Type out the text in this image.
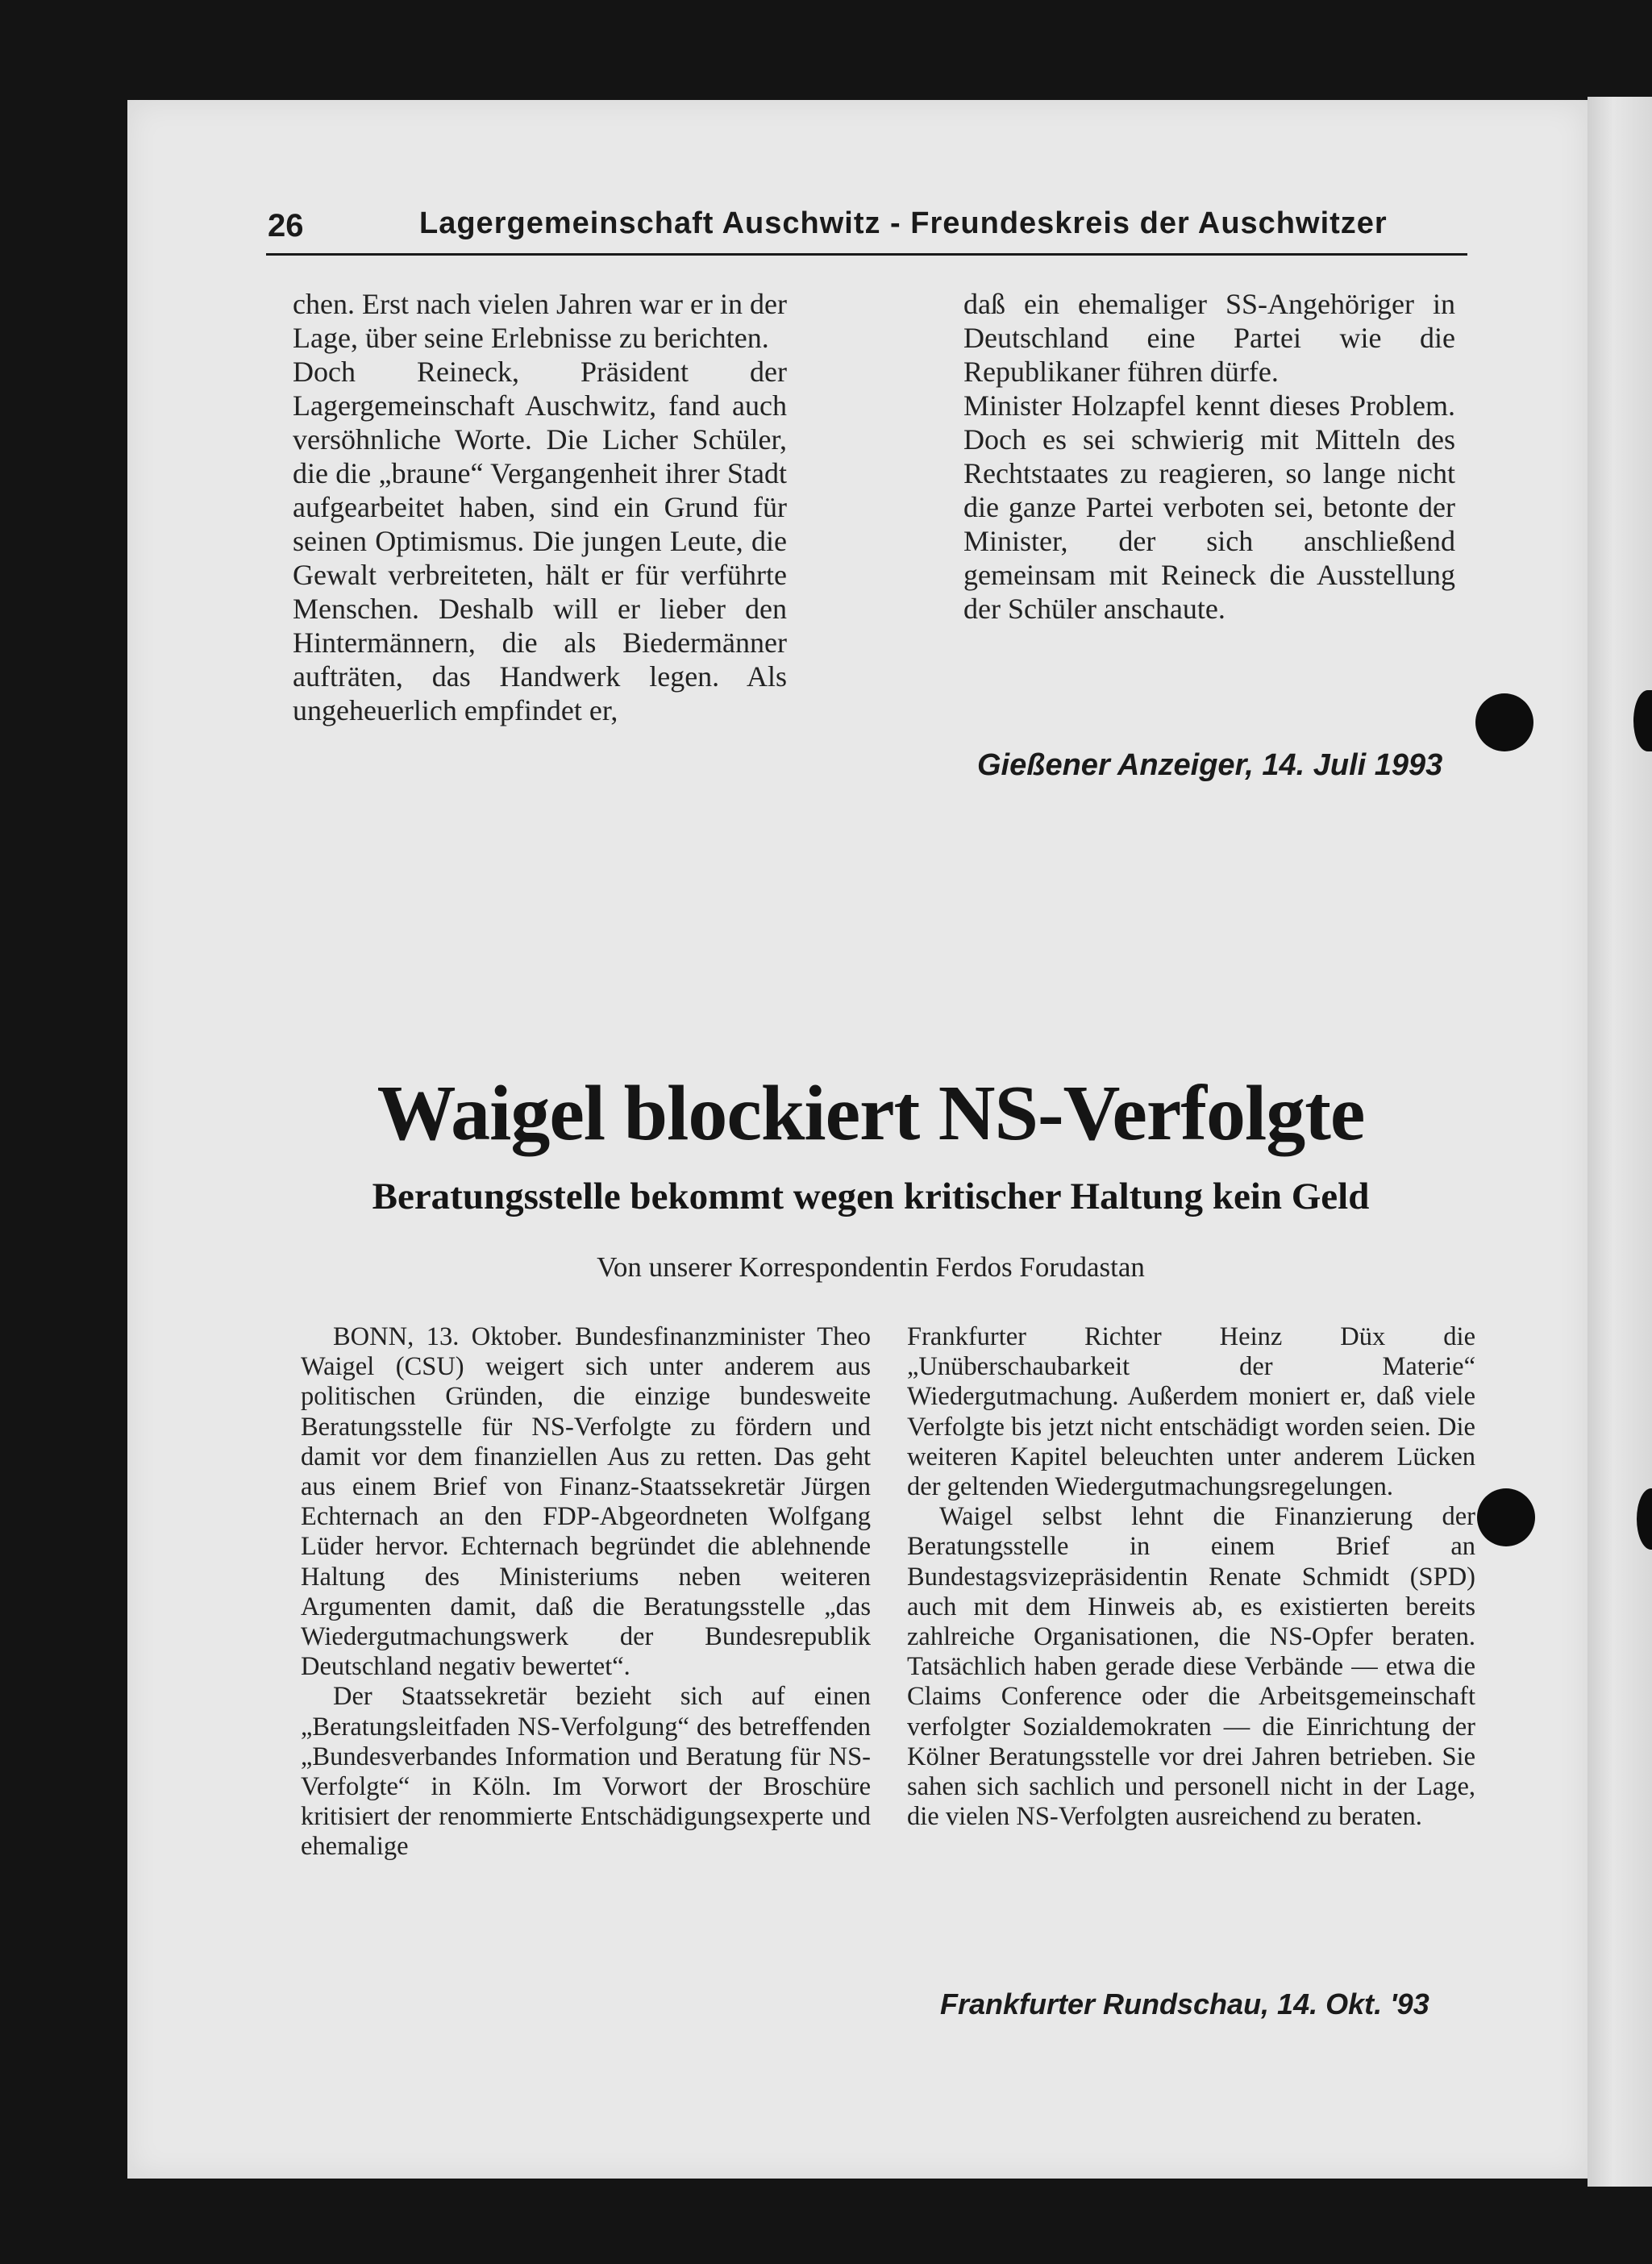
26	Lagergemeinschaft Auschwitz - Freundeskreis der Auschwitzer

chen. Erst nach vielen Jahren war er in der Lage, über seine Erlebnisse zu berichten.

Doch Reineck, Präsident der Lagergemeinschaft Auschwitz, fand auch versöhnliche Worte. Die Licher Schüler, die die „braune“ Vergangenheit ihrer Stadt aufgearbeitet haben, sind ein Grund für seinen Optimismus. Die jungen Leute, die Gewalt verbreiteten, hält er für verführte Menschen. Deshalb will er lieber den Hintermännern, die als Biedermänner aufträten, das Handwerk legen. Als ungeheuerlich empfindet er,

daß ein ehemaliger SS-Angehöriger in Deutschland eine Partei wie die Republikaner führen dürfe.

Minister Holzapfel kennt dieses Problem. Doch es sei schwierig mit Mitteln des Rechtstaates zu reagieren, so lange nicht die ganze Partei verboten sei, betonte der Minister, der sich anschließend gemeinsam mit Reineck die Ausstellung der Schüler anschaute.

Gießener Anzeiger, 14. Juli 1993
Waigel blockiert NS-Verfolgte
Beratungsstelle bekommt wegen kritischer Haltung kein Geld
Von unserer Korrespondentin Ferdos Forudastan

BONN, 13. Oktober. Bundesfinanzminister Theo Waigel (CSU) weigert sich unter anderem aus politischen Gründen, die einzige bundesweite Beratungsstelle für NS-Verfolgte zu fördern und damit vor dem finanziellen Aus zu retten. Das geht aus einem Brief von Finanz-Staatssekretär Jürgen Echternach an den FDP-Abgeordneten Wolfgang Lüder hervor. Echternach begründet die ablehnende Haltung des Ministeriums neben weiteren Argumenten damit, daß die Beratungsstelle „das Wiedergutmachungswerk der Bundesrepublik Deutschland negativ bewertet“.

Der Staatssekretär bezieht sich auf einen „Beratungsleitfaden NS-Verfolgung“ des betreffenden „Bundesverbandes Information und Beratung für NS-Verfolgte“ in Köln. Im Vorwort der Broschüre kritisiert der renommierte Entschädigungsexperte und ehemalige

Frankfurter Richter Heinz Düx die „Unüberschaubarkeit der Materie“ Wiedergutmachung. Außerdem moniert er, daß viele Verfolgte bis jetzt nicht entschädigt worden seien. Die weiteren Kapitel beleuchten unter anderem Lücken der geltenden Wiedergutmachungsregelungen.

Waigel selbst lehnt die Finanzierung der Beratungsstelle in einem Brief an Bundestagsvizepräsidentin Renate Schmidt (SPD) auch mit dem Hinweis ab, es existierten bereits zahlreiche Organisationen, die NS-Opfer beraten. Tatsächlich haben gerade diese Verbände — etwa die Claims Conference oder die Arbeitsgemeinschaft verfolgter Sozialdemokraten — die Einrichtung der Kölner Beratungsstelle vor drei Jahren betrieben. Sie sahen sich sachlich und personell nicht in der Lage, die vielen NS-Verfolgten ausreichend zu beraten.

Frankfurter Rundschau, 14. Okt. '93
